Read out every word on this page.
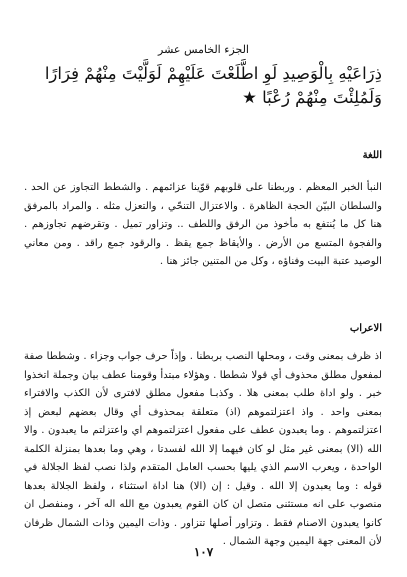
الجزء الخامس عشر
ذِرَاعَيْهِ بِالْوَصِيدِ لَوِ اطَّلَعْتَ عَلَيْهِمْ لَوَلَّيْتَ مِنْهُمْ فِرَارًا وَلَمُلِئْتَ مِنْهُمْ رُعْبًا ★
اللغة
النبأ الخبر المعظم . وربطنا على قلوبهم قوّينا عزائمهم . والشطط التجاوز عن الحد . والسلطان البيّن الحجة الظاهرة . والاعتزال التنحّي ، والتعزل مثله . والمراد بالمرفق هنا كل ما يُنتفع به مأخوذ من الرفق واللطف .. وتزاور تميل . وتقرضهم تجاوزهم . والفجوة المتسع من الأرض . والأيقاظ جمع يقظ . والرقود جمع راقد . ومن معاني الوصيد عتبة البيت وفناؤه ، وكل من المتنين جائز هنا .
الاعراب
اذ ظرف بمعنى وقت ، ومحلها النصب بربطنا . وإذاً حرف جواب وجزاء . وشططا صفة لمفعول مطلق محذوف أي قولا شططا . وهؤلاء مبتدأ وقومنا عطف بيان وجملة اتخذوا خبر . ولو اداة طلب بمعنى هلا . وكذبـا مفعول مطلق لافترى لأن الكذب والافتراء بمعنى واحد . واذ اعتزلتموهم (اذ) متعلقة بمحذوف أي وقال بعضهم لبعض إذ اعتزلتموهم . وما يعبدون عطف على مفعول اعتزلتموهم اي واعتزلتم ما يعبدون . والا الله (الا) بمعنى غير مثل لو كان فيهما إلا الله لفسدتا ، وهي وما بعدها بمنزلة الكلمة الواحدة ، ويعرب الاسم الذي يليها بحسب العامل المتقدم ولذا نصب لفظ الجلالة في قوله : وما يعبدون إلا الله . وقيل : إن (الا) هنا اداة استثناء ، ولفظ الجلالة بعدها منصوب على انه مستثنى متصل ان كان القوم يعبدون مع الله اله آخر ، ومنفصل ان كانوا يعبدون الاصنام فقط . وتزاور أصلها تتزاور . وذات اليمين وذات الشمال ظرفان لأن المعنى جهة اليمين وجهة الشمال .
١٠٧
